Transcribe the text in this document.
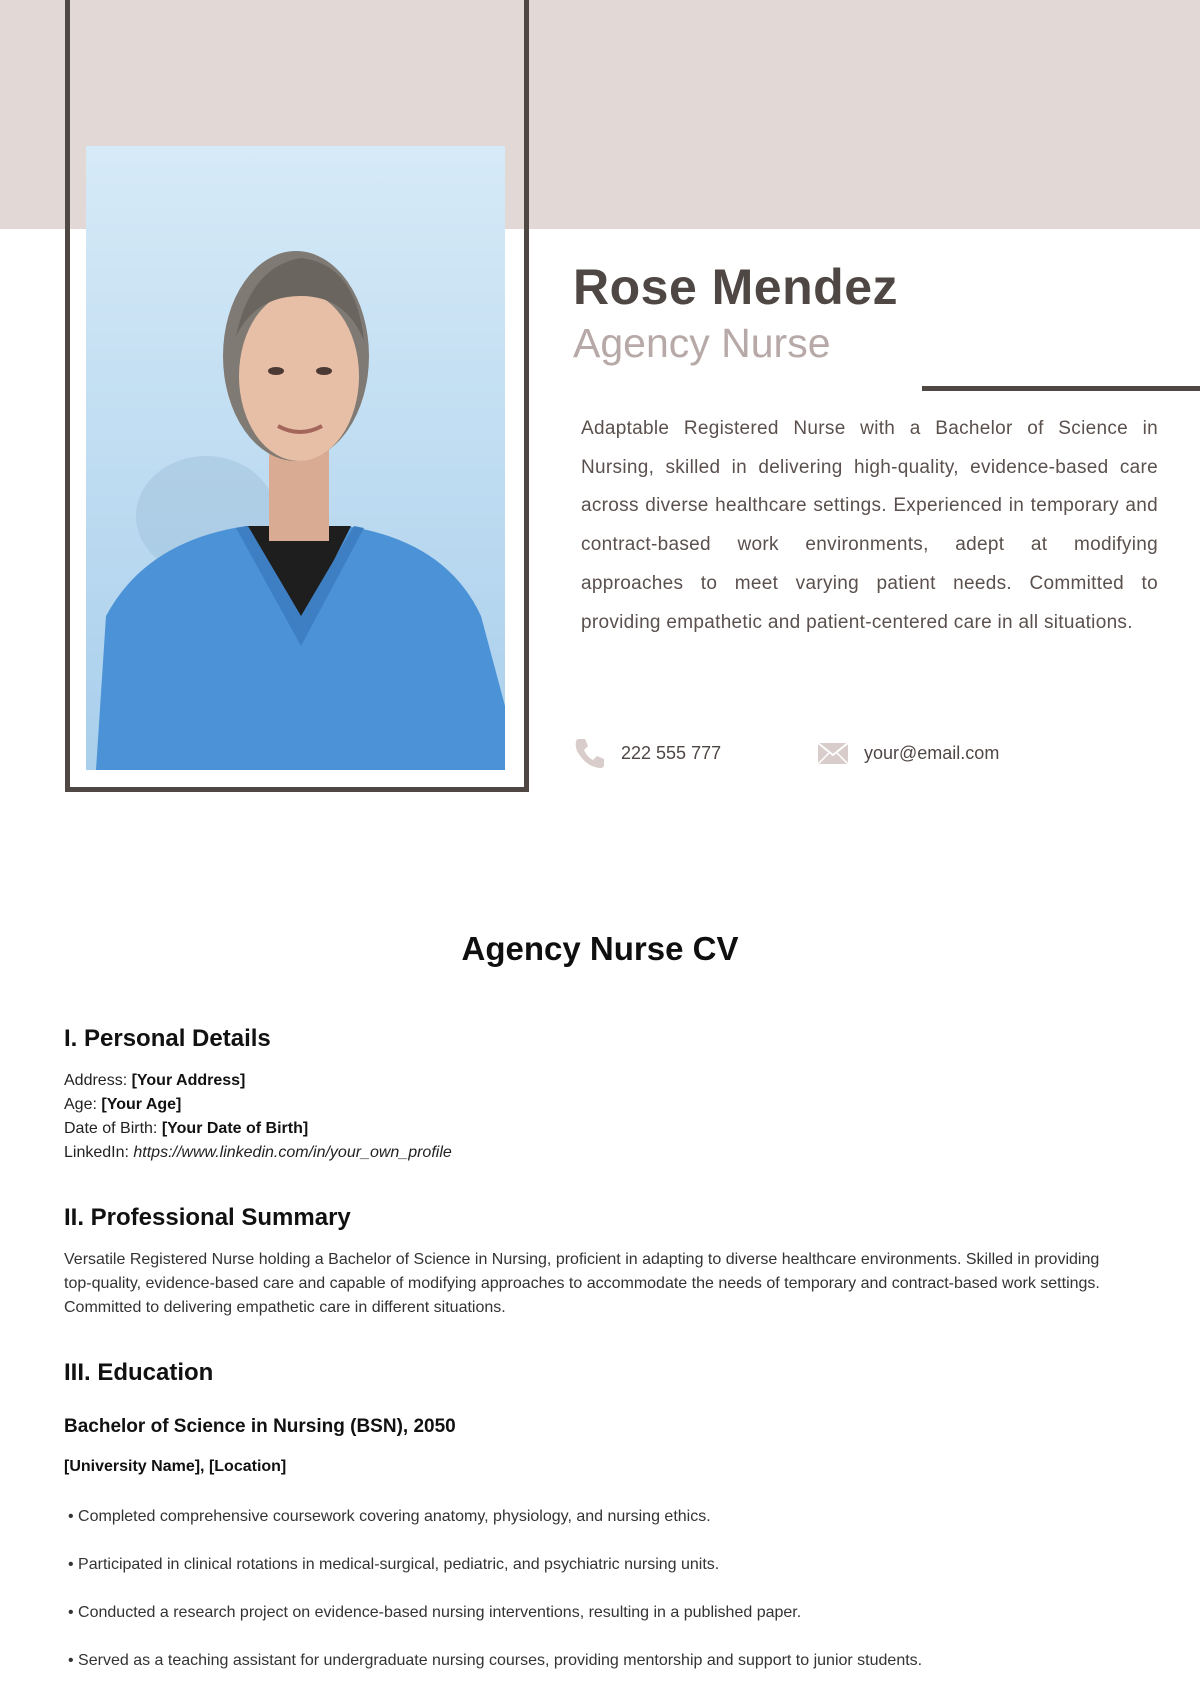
Rose Mendez
Agency Nurse

Adaptable Registered Nurse with a Bachelor of Science in Nursing, skilled in delivering high-quality, evidence-based care across diverse healthcare settings. Experienced in temporary and contract-based work environments, adept at modifying approaches to meet varying patient needs. Committed to providing empathetic and patient-centered care in all situations.

222 555 777	your@email.com
Agency Nurse CV
I. Personal Details
Address: [Your Address]
Age: [Your Age]
Date of Birth: [Your Date of Birth]
LinkedIn: https://www.linkedin.com/in/your_own_profile
II. Professional Summary

Versatile Registered Nurse holding a Bachelor of Science in Nursing, proficient in adapting to diverse healthcare environments. Skilled in providing top-quality, evidence-based care and capable of modifying approaches to accommodate the needs of temporary and contract-based work settings. Committed to delivering empathetic care in different situations.

III. Education
Bachelor of Science in Nursing (BSN), 2050
[University Name], [Location]
• Completed comprehensive coursework covering anatomy, physiology, and nursing ethics.
• Participated in clinical rotations in medical-surgical, pediatric, and psychiatric nursing units.
• Conducted a research project on evidence-based nursing interventions, resulting in a published paper.
• Served as a teaching assistant for undergraduate nursing courses, providing mentorship and support to junior students.
